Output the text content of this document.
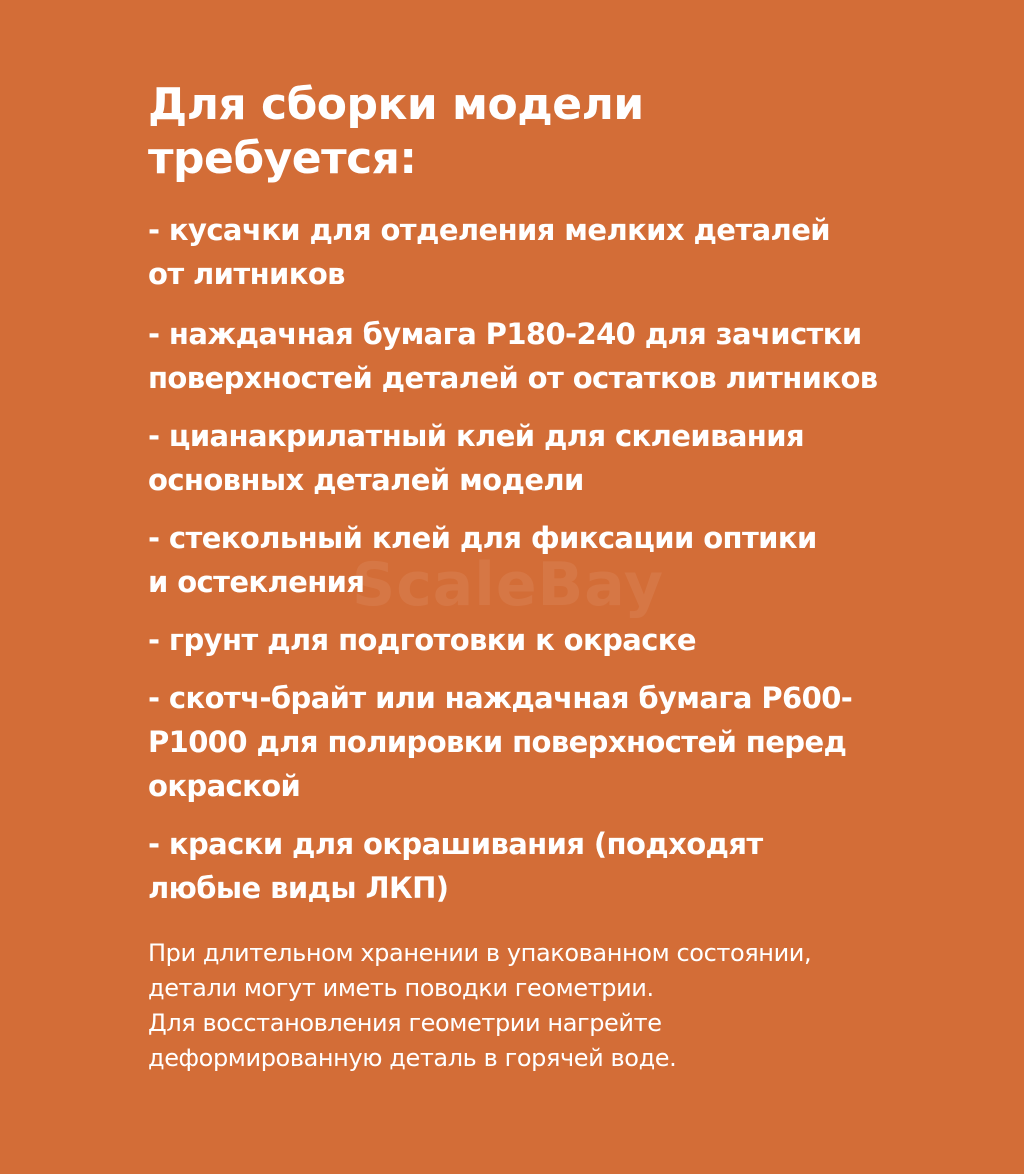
ScaleBay
Для сборки модели
требуется:
- кусачки для отделения мелких деталей
от литников
- наждачная бумага P180-240 для зачистки
поверхностей деталей от остатков литников
- цианакрилатный клей для склеивания
основных деталей модели
- стекольный клей для фиксации оптики
и остекления
- грунт для подготовки к окраске
- скотч-брайт или наждачная бумага P600-
P1000 для полировки поверхностей перед
окраской
- краски для окрашивания (подходят
любые виды ЛКП)

При длительном хранении в упакованном состоянии,
детали могут иметь поводки геометрии.
Для восстановления геометрии нагрейте
деформированную деталь в горячей воде.
